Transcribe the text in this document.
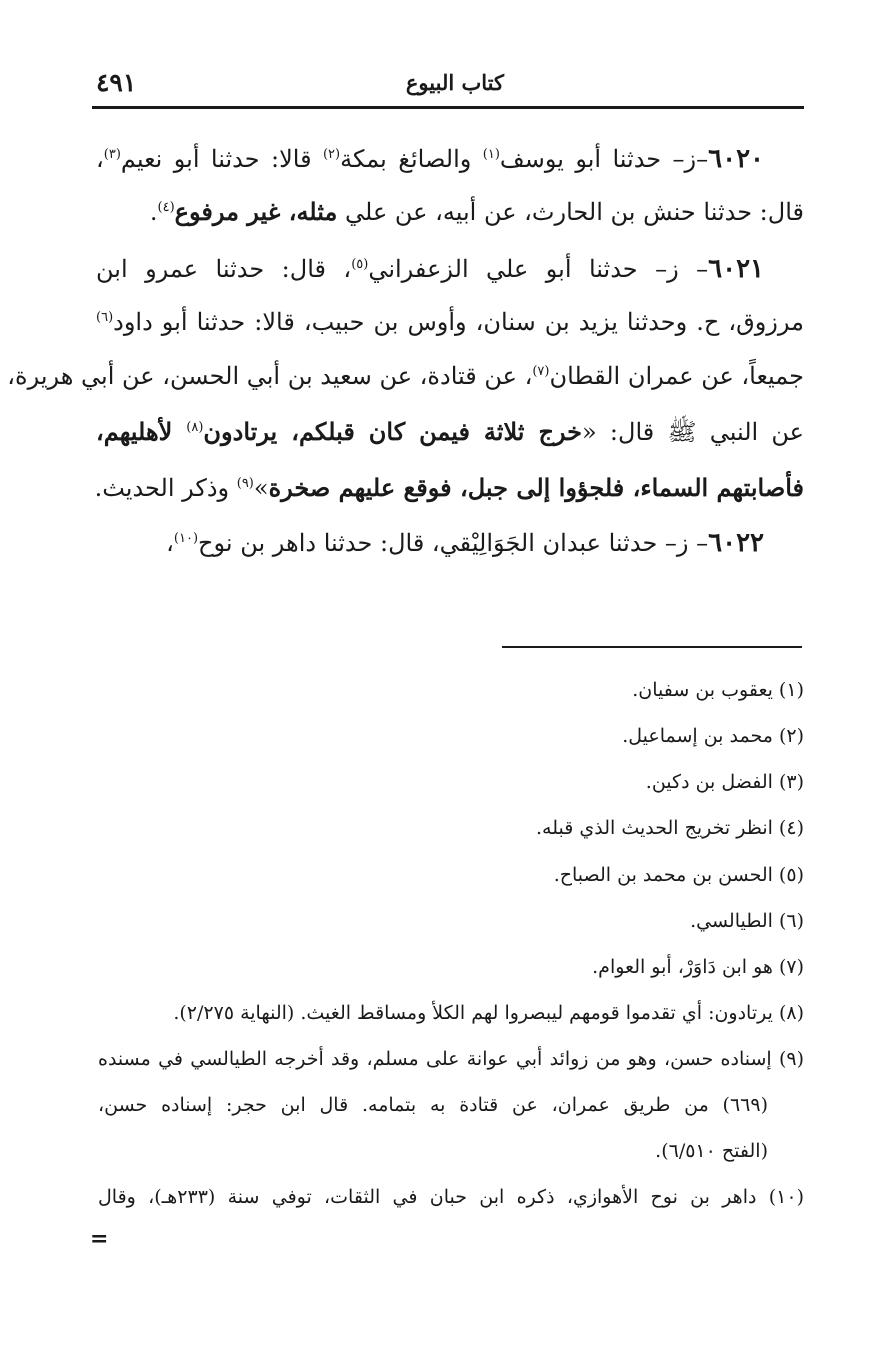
كتاب البيوع
٤٩١
٦٠٢٠–ز– حدثنا أبو يوسف$^{(١)}$ والصائغ بمكة$^{(٢)}$ قالا: حدثنا أبو نعيم$^{(٣)}$،
قال: حدثنا حنش بن الحارث، عن أبيه، عن علي مثله، غير مرفوع$^{(٤)}$.
٦٠٢١– ز– حدثنا أبو علي الزعفراني$^{(٥)}$، قال: حدثنا عمرو ابن
مرزوق، ح. وحدثنا يزيد بن سنان، وأوس بن حبيب، قالا: حدثنا أبو داود$^{(٦)}$
جميعاً، عن عمران القطان$^{(٧)}$، عن قتادة، عن سعيد بن أبي الحسن، عن أبي هريرة،
عن النبي ﷺ قال: «خرج ثلاثة فيمن كان قبلكم، يرتادون$^{(٨)}$ لأهليهم،
فأصابتهم السماء، فلجؤوا إلى جبل، فوقع عليهم صخرة»$^{(٩)}$ وذكر الحديث.
٦٠٢٢– ز– حدثنا عبدان الجَوَالِيْقي، قال: حدثنا داهر بن نوح$^{(١٠)}$،
(١) يعقوب بن سفيان.
(٢) محمد بن إسماعيل.
(٣) الفضل بن دكين.
(٤) انظر تخريج الحديث الذي قبله.
(٥) الحسن بن محمد بن الصباح.
(٦) الطيالسي.
(٧) هو ابن دَاوَرْ، أبو العوام.
(٨) يرتادون: أي تقدموا قومهم ليبصروا لهم الكلأ ومساقط الغيث. (النهاية ٢/٢٧٥).
(٩) إسناده حسن، وهو من زوائد أبي عوانة على مسلم، وقد أخرجه الطيالسي في مسنده
(٦٦٩) من طريق عمران، عن قتادة به بتمامه. قال ابن حجر: إسناده حسن،
(الفتح ٦/٥١٠).
(١٠) داهر بن نوح الأهوازي، ذكره ابن حبان في الثقات، توفي سنة (٢٣٣هـ)، وقال
=
